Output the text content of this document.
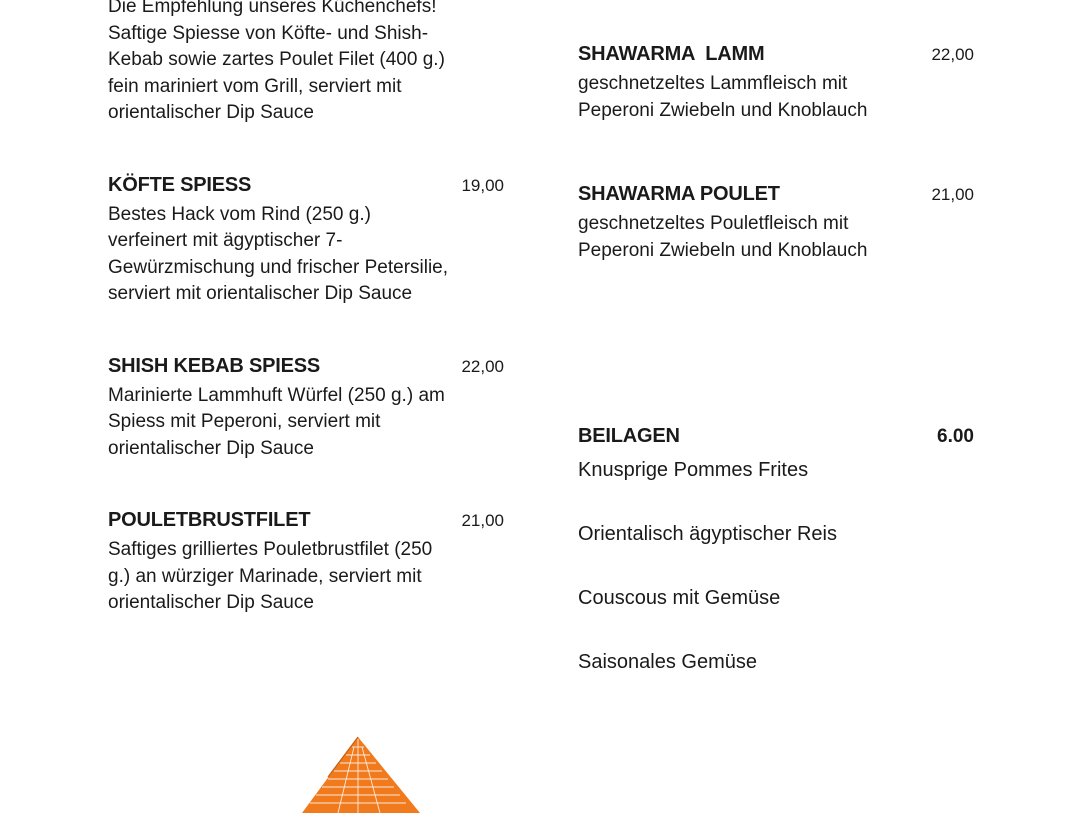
Die Empfehlung unseres Küchenchefs!
Saftige Spiesse von Köfte- und Shish-
Kebab sowie zartes Poulet Filet (400 g.)
fein mariniert vom Grill, serviert mit
orientalischer Dip Sauce

KÖFTE SPIESS	19,00
Bestes Hack vom Rind (250 g.) verfeinert mit ägyptischer 7-Gewürzmischung und frischer Petersilie, serviert mit orientalischer Dip Sauce
SHISH KEBAB SPIESS	22,00
Marinierte Lammhuft Würfel (250 g.) am Spiess mit Peperoni, serviert mit orientalischer Dip Sauce
POULETBRUSTFILET	21,00
Saftiges grilliertes Pouletbrustfilet (250 g.) an würziger Marinade, serviert mit orientalischer Dip Sauce
SHAWARMA  LAMM	22,00
geschnetzeltes Lammfleisch mit Peperoni Zwiebeln und Knoblauch
SHAWARMA POULET	21,00
geschnetzeltes Pouletfleisch mit Peperoni Zwiebeln und Knoblauch
BEILAGEN	6.00
Knusprige Pommes Frites
Orientalisch ägyptischer Reis
Couscous mit Gemüse
Saisonales Gemüse
